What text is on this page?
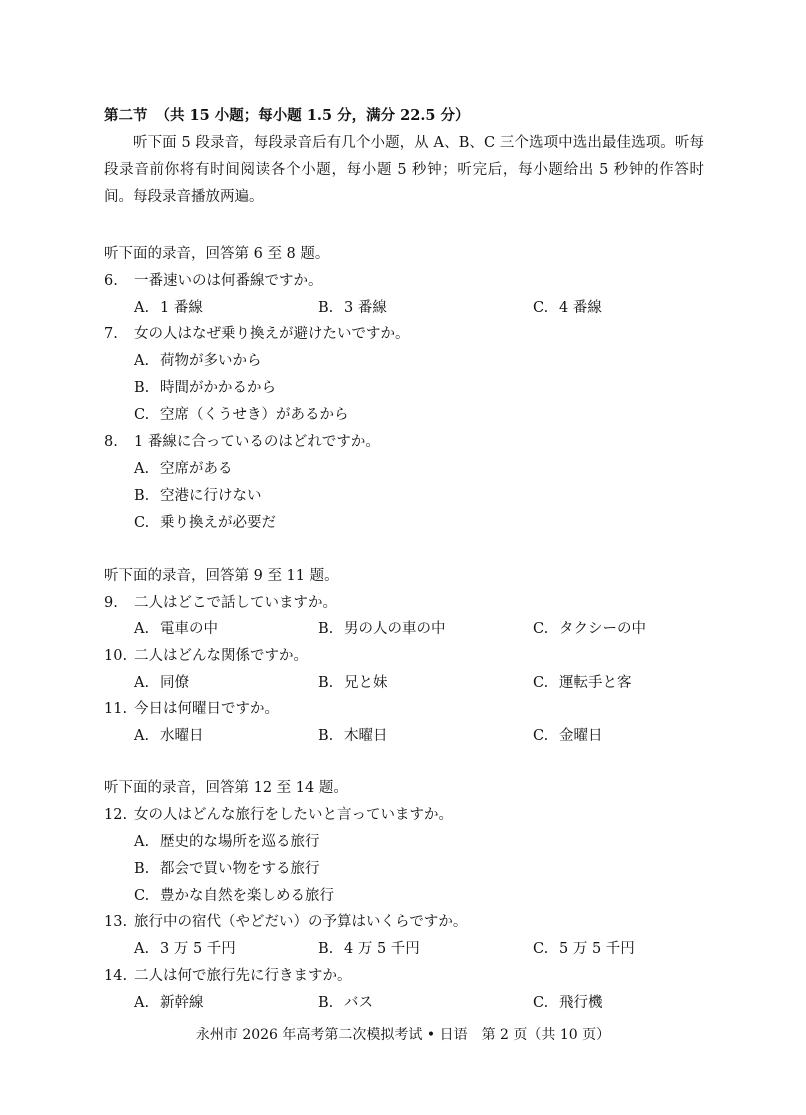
第二节 （共 15 小题；每小题 1.5 分，满分 22.5 分）

听下面 5 段录音，每段录音后有几个小题，从 A、B、C 三个选项中选出最佳选项。听每段录音前你将有时间阅读各个小题，每小题 5 秒钟；听完后，每小题给出 5 秒钟的作答时间。每段录音播放两遍。

听下面的录音，回答第 6 至 8 题。
6. 一番速いのは何番線ですか。
A. 1 番線	B. 3 番線	C. 4 番線
7. 女の人はなぜ乗り換えが避けたいですか。
A. 荷物が多いから
B. 時間がかかるから
C. 空席（くうせき）があるから
8. 1 番線に合っているのはどれですか。
A. 空席がある
B. 空港に行けない
C. 乗り換えが必要だ
听下面的录音，回答第 9 至 11 题。
9. 二人はどこで話していますか。
A. 電車の中	B. 男の人の車の中	C. タクシーの中
10. 二人はどんな関係ですか。
A. 同僚	B. 兄と妹	C. 運転手と客
11. 今日は何曜日ですか。
A. 水曜日	B. 木曜日	C. 金曜日
听下面的录音，回答第 12 至 14 题。
12. 女の人はどんな旅行をしたいと言っていますか。
A. 歴史的な場所を巡る旅行
B. 都会で買い物をする旅行
C. 豊かな自然を楽しめる旅行
13. 旅行中の宿代（やどだい）の予算はいくらですか。
A. 3 万 5 千円	B. 4 万 5 千円	C. 5 万 5 千円
14. 二人は何で旅行先に行きますか。
A. 新幹線	B. バス	C. 飛行機
永州市 2026 年高考第二次模拟考试 • 日语　第 2 页（共 10 页）
